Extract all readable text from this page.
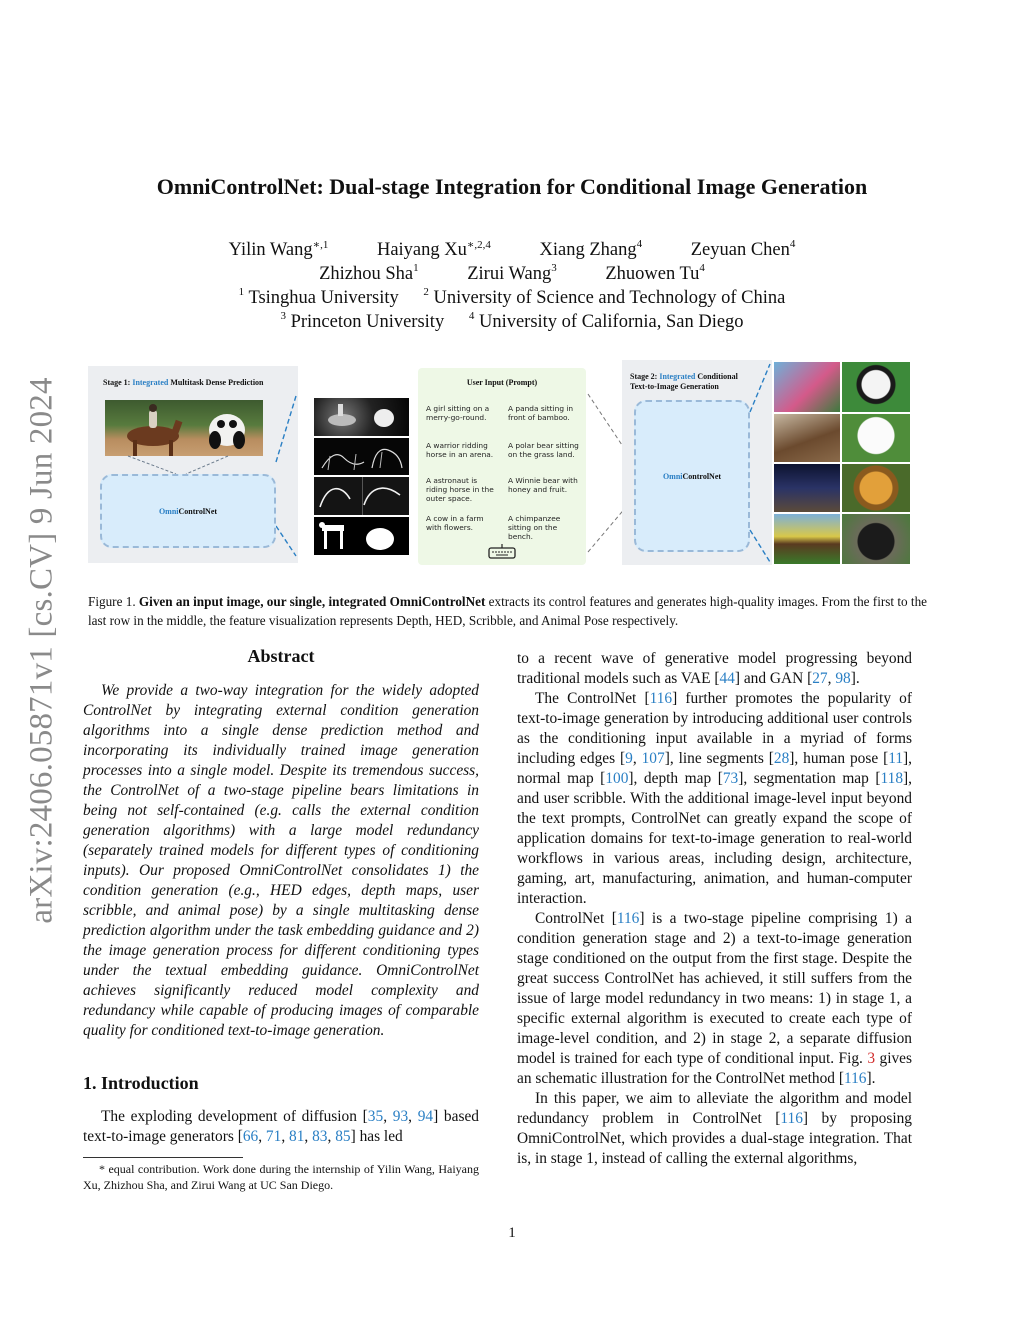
arXiv:2406.05871v1 [cs.CV] 9 Jun 2024
OmniControlNet: Dual-stage Integration for Conditional Image Generation
Yilin Wang$^{∗,1}$	Haiyang $Xu^{∗,2,4}$	Xiang Zhang$^4$	Zeyuan Chen$^4$
Zhizhou Sha$^1$	Zirui Wang$^3$	Zhuowen Tu$^4$
$^1$ Tsinghua University $^2$ University of Science and Technology of China
$^3$ Princeton University $^4$ University of California, San Diego
Stage 1: Integrated Multitask Dense Prediction
Omni ControlNet
User Input (Prompt)
A girl sitting on a merry-go-round.
A panda sitting in front of bamboo.
A warrior ridding horse in an arena.
A polar bear sitting on the grass land.
A astronaut is riding horse in the outer space.
A Winnie bear with honey and fruit.
A cow in a farm with flowers.
A chimpanzee sitting on the bench.
Stage 2: Integrated Conditional
Text-to-Image Generation
Omni ControlNet
Figure 1. Given an input image, our single, integrated OmniControlNet extracts its control features and generates high-quality images. From the first to the last row in the middle, the feature visualization represents Depth, HED, Scribble, and Animal Pose respectively.
Abstract

We provide a two-way integration for the widely adopted ControlNet by integrating external condition generation algorithms into a single dense prediction method and incorporating its individually trained image generation processes into a single model. Despite its tremendous success, the ControlNet of a two-stage pipeline bears limitations in being not self-contained (e.g. calls the external condition generation algorithms) with a large model redundancy (separately trained models for different types of conditioning inputs). Our proposed OmniControlNet consolidates 1) the condition generation (e.g., HED edges, depth maps, user scribble, and animal pose) by a single multitasking dense prediction algorithm under the task embedding guidance and 2) the image generation process for different conditioning types under the textual embedding guidance. OmniControlNet achieves significantly reduced model complexity and redundancy while capable of producing images of comparable quality for conditioned text-to-image generation.

1. Introduction

The exploding development of diffusion [35, 93, 94] based text-to-image generators [66, 71, 81, 83, 85] has led

* equal contribution. Work done during the internship of Yilin Wang, Haiyang Xu, Zhizhou Sha, and Zirui Wang at UC San Diego.

to a recent wave of generative model progressing beyond traditional models such as VAE [44] and GAN [27, 98].

The ControlNet [116] further promotes the popularity of text-to-image generation by introducing additional user controls as the conditioning input available in a myriad of forms including edges [9, 107], line segments [28], human pose [11], normal map [100], depth map [73], segmentation map [118], and user scribble. With the additional image-level input beyond the text prompts, ControlNet can greatly expand the scope of application domains for text-to-image generation to real-world workflows in various areas, including design, architecture, gaming, art, manufacturing, animation, and human-computer interaction.

ControlNet [116] is a two-stage pipeline comprising 1) a condition generation stage and 2) a text-to-image generation stage conditioned on the output from the first stage. Despite the great success ControlNet has achieved, it still suffers from the issue of large model redundancy in two means: 1) in stage 1, a specific external algorithm is executed to create each type of image-level condition, and 2) in stage 2, a separate diffusion model is trained for each type of conditional input. Fig. 3 gives an schematic illustration for the ControlNet method [116].

In this paper, we aim to alleviate the algorithm and model redundancy problem in ControlNet [116] by proposing OmniControlNet, which provides a dual-stage integration. That is, in stage 1, instead of calling the external algorithms,

1
